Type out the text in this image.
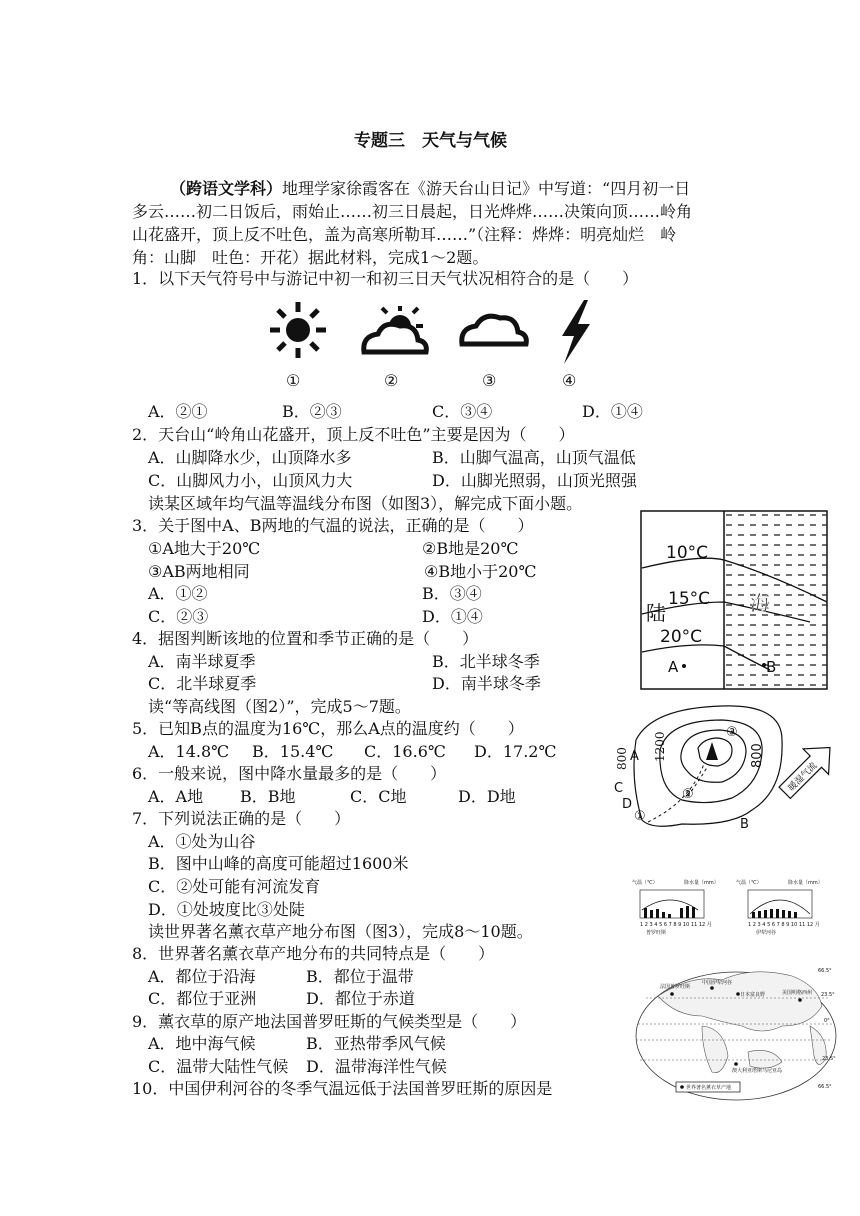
专题三　天气与气候
（跨语文学科）地理学家徐霞客在《游天台山日记》中写道：“四月初一日
多云……初二日饭后，雨始止……初三日晨起，日光烨烨……决策向顶……岭角
山花盛开，顶上反不吐色，盖为高寒所勒耳……”（注释：烨烨：明亮灿烂　岭
角：山脚　吐色：开花）据此材料，完成1～2题。
1．以下天气符号中与游记中初一和初三日天气状况相符合的是（　　）
①	②	③	④
A．②①	B．②③	C．③④	D．①④
2．天台山“岭角山花盛开，顶上反不吐色”主要是因为（　　）
A．山脚降水少，山顶降水多	B．山脚气温高，山顶气温低
C．山脚风力小，山顶风力大	D．山脚光照弱，山顶光照强
读某区域年均气温等温线分布图（如图3），解完成下面小题。
3．关于图中A、B两地的气温的说法，正确的是（　　）
①A地大于20℃	②B地是20℃
③AB两地相同	④B地小于20℃
A．①②	B．③④
C．②③	D．①④
4．据图判断该地的位置和季节正确的是（　　）
A．南半球夏季	B．北半球冬季
C．北半球夏季	D．南半球冬季
读“等高线图（图2）”，完成5～7题。
5．已知B点的温度为16℃，那么A点的温度约（　　）
A．14.8℃ B．15.4℃ C．16.6℃ D．17.2℃
6．一般来说，图中降水量最多的是（　　）
A．A地 B．B地	C．C地	D．D地
7．下列说法正确的是（　　）
A．①处为山谷
B．图中山峰的高度可能超过1600米
C．②处可能有河流发育
D．①处坡度比③处陡
读世界著名薰衣草产地分布图（图3），完成8～10题。
8．世界著名薰衣草产地分布的共同特点是（　　）
A．都位于沿海	B．都位于温带
C．都位于亚洲	D．都位于赤道
9．薰衣草的原产地法国普罗旺斯的气候类型是（　　）
A．地中海气候	B．亚热带季风气候
C．温带大陆性气候 D．温带海洋性气候
10．中国伊利河谷的冬季气温远低于法国普罗旺斯的原因是
10°C
15°C
20°C
陆	海
A	B
800
A
B
C
D
①
②
③
暖湿气流
800 1200
气温（℃）	降水量（mm）
1 2 3 4 5 6 7 8 9 10 11 12 月
普罗旺斯
气温（℃）	降水量（mm）
1 2 3 4 5 6 7 8 9 10 11 12 月
伊犁河谷
66.5°
23.5°
0°
23.5°
66.5°
法国普罗旺斯
中国伊犁河谷
日本富良野	美国明格西州
澳大利亚塔斯马尼亚岛
世界著名薰衣草产地
